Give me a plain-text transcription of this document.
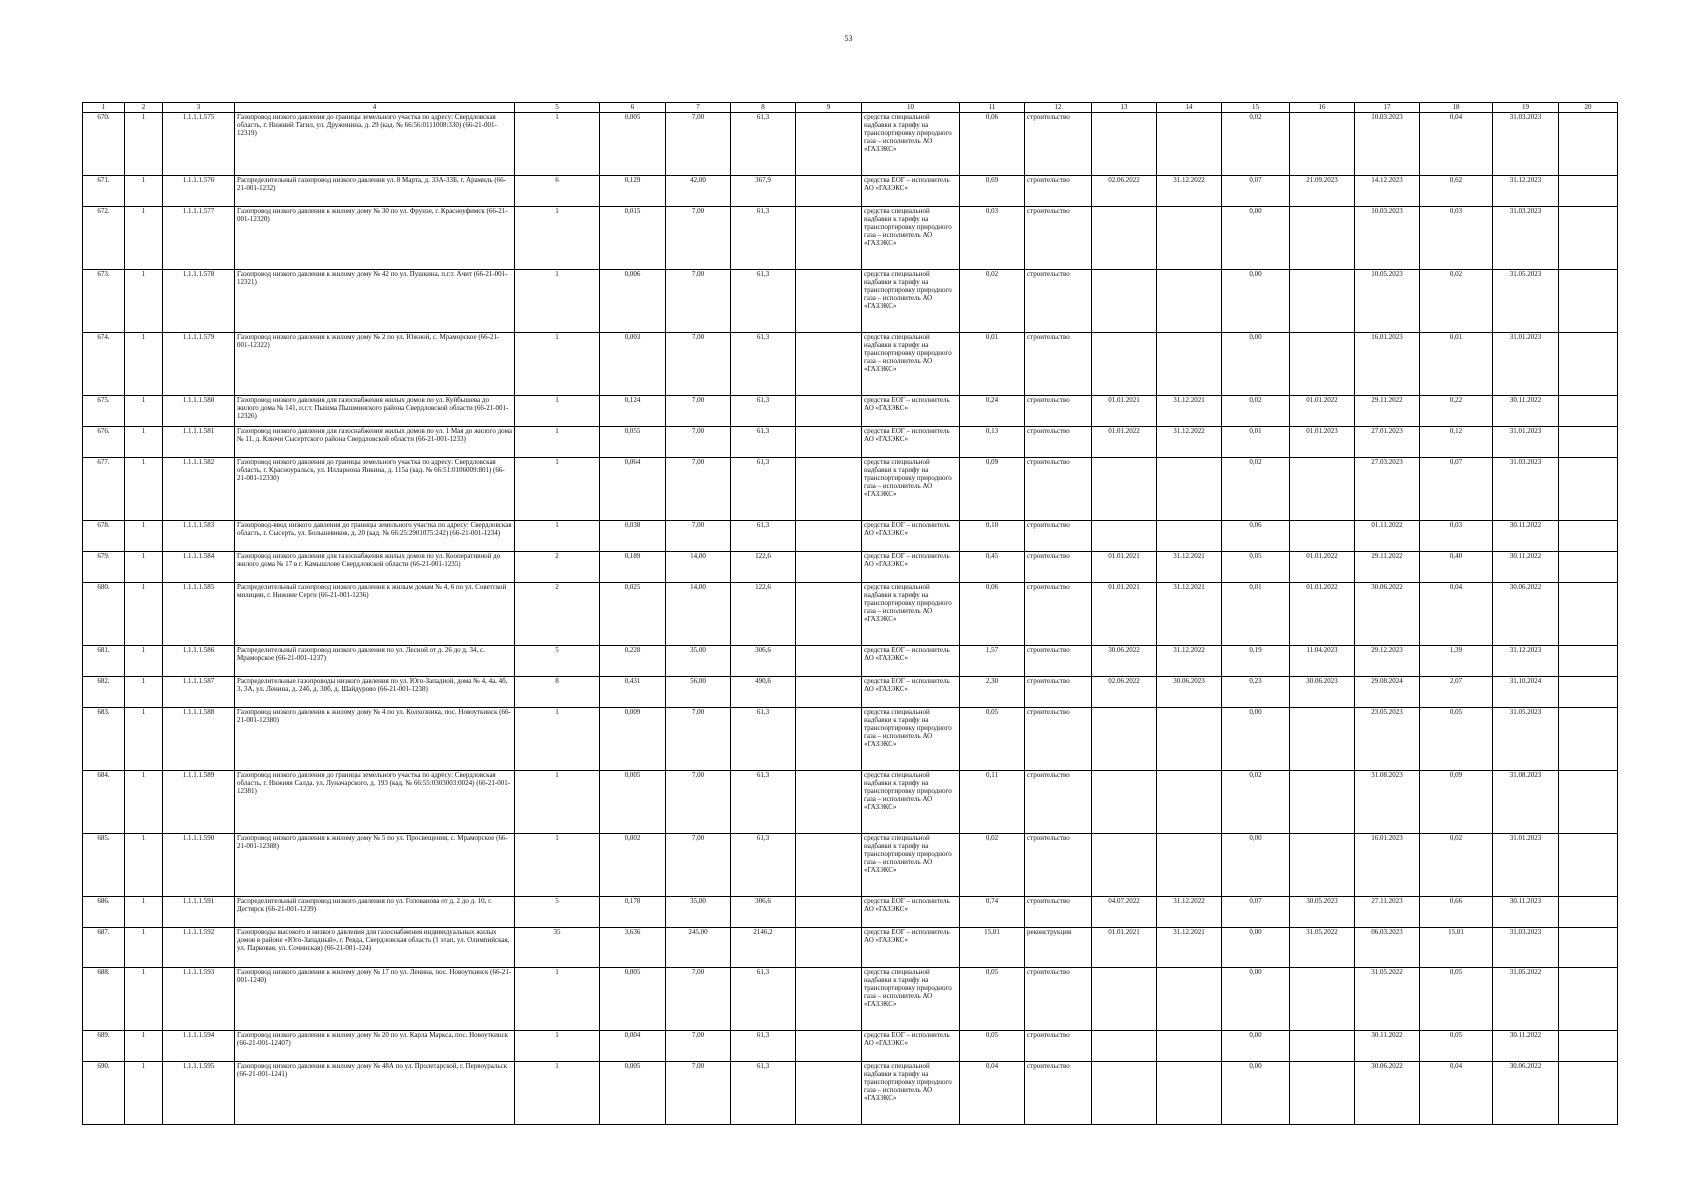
53
1	2	3	4	5	6	7	8	9	10	11	12	13	14	15	16	17	18	19	20
670.	1	1.1.1.1.575	Газопровод низкого давления до границы земельного участка по адресу: Свердловская область, г. Нижний Тагил, ул. Дружинина, д. 29 (кад. № 66:56:0111008:330) (66-21-001-12319)	1	0,005	7,00	61,3		средства специальной надбавки к тарифу на транспортировку природного газа – исполнитель АО «ГАЗЭКС»	0,06	строительство			0,02		10.03.2023	0,04	31.03.2023	
671.	1	1.1.1.1.576	Распределительный газопровод низкого давления ул. 8 Марта, д. 33А-33Б, г. Арамиль (66-21-001-1232)	6	0,129	42,00	367,9		средства ЕОГ – исполнитель АО «ГАЗЭКС»	0,69	строительство	02.06.2022	31.12.2022	0,07	21.09.2023	14.12.2023	0,62	31.12.2023	
672.	1	1.1.1.1.577	Газопровод низкого давления к жилому дому № 30 по ул. Фрунзе, г. Красноуфимск (66-21-001-12320)	1	0,015	7,00	61,3		средства специальной надбавки к тарифу на транспортировку природного газа – исполнитель АО «ГАЗЭКС»	0,03	строительство			0,00		10.03.2023	0,03	31.03.2023	
673.	1	1.1.1.1.578	Газопровод низкого давления к жилому дому № 42 по ул. Пушкина, п.г.т. Ачит (66-21-001-12321)	1	0,006	7,00	61,3		средства специальной надбавки к тарифу на транспортировку природного газа – исполнитель АО «ГАЗЭКС»	0,02	строительство			0,00		10.05.2023	0,02	31.05.2023	
674.	1	1.1.1.1.579	Газопровод низкого давления к жилому дому № 2 по ул. Южной, с. Мраморское (66-21-001-12322)	1	0,003	7,00	61,3		средства специальной надбавки к тарифу на транспортировку природного газа – исполнитель АО «ГАЗЭКС»	0,01	строительство			0,00		16.01.2023	0,01	31.01.2023	
675.	1	1.1.1.1.580	Газопровод низкого давления для газоснабжения жилых домов по ул. Куйбышева до жилого дома № 141, п.г.т. Пышма Пышминского района Свердловской области (66-21-001-12326)	1	0,124	7,00	61,3		средства ЕОГ – исполнитель АО «ГАЗЭКС»	0,24	строительство	01.01.2021	31.12.2021	0,02	01.01.2022	29.11.2022	0,22	30.11.2022	
676.	1	1.1.1.1.581	Газопровод низкого давления для газоснабжения жилых домов по ул. 1 Мая до жилого дома № 11, д. Ключи Сысертского района Свердловской области (66-21-001-1233)	1	0,055	7,00	61,3		средства ЕОГ – исполнитель АО «ГАЗЭКС»	0,13	строительство	01.01.2022	31.12.2022	0,01	01.01.2023	27.01.2023	0,12	31.01.2023	
677.	1	1.1.1.1.582	Газопровод низкого давления до границы земельного участка по адресу: Свердловская область, г. Красноуральск, ул. Илларнона Янкина, д. 115а (кад. № 66:51:0106009:801) (66-21-001-12330)	1	0,064	7,00	61,3		средства специальной надбавки к тарифу на транспортировку природного газа – исполнитель АО «ГАЗЭКС»	0,09	строительство			0,02		27.03.2023	0,07	31.03.2023	
678.	1	1.1.1.1.583	Газопровод-ввод низкого давления до границы земельного участка по адресу: Свердловская область, г. Сысерть, ул. Большевиков, д. 20 (кад. № 66:25:2901075:242) (66-21-001-1234)	1	0,038	7,00	61,3		средства ЕОГ – исполнитель АО «ГАЗЭКС»	0,10	строительство			0,06		01.11.2022	0,03	30.11.2022	
679.	1	1.1.1.1.584	Газопровод низкого давления для газоснабжения жилых домов по ул. Кооперативной до жилого дома № 17 в г. Камышлове Свердловской области (66-21-001-1235)	2	0,189	14,00	122,6		средства ЕОГ – исполнитель АО «ГАЗЭКС»	0,45	строительство	01.01.2021	31.12.2021	0,05	01.01.2022	29.11.2022	0,40	30.11.2022	
680.	1	1.1.1.1.585	Распределительный газопровод низкого давления к жилым домам № 4, 6 по ул. Советской милиции, г. Нижние Серги (66-21-001-1236)	2	0,025	14,00	122,6		средства специальной надбавки к тарифу на транспортировку природного газа – исполнитель АО «ГАЗЭКС»	0,06	строительство	01.01.2021	31.12.2021	0,01	01.01.2022	30.06.2022	0,04	30.06.2022	
681.	1	1.1.1.1.586	Распределительный газопровод низкого давления по ул. Лесной от д. 26 до д. 34, с. Мраморское (66-21-001-1237)	5	0,228	35,00	306,6		средства ЕОГ – исполнитель АО «ГАЗЭКС»	1,57	строительство	30.06.2022	31.12.2022	0,19	11.04.2023	29.12.2023	1,39	31.12.2023	
682.	1	1.1.1.1.587	Распределительные газопроводы низкого давления по ул. Юго-Западной, дома № 4, 4а, 4б, 3, 3А, ул. Ленина, д. 24б, д. 30б, д. Шайдурово (66-21-001-1238)	8	0,431	56,00	490,6		средства ЕОГ – исполнитель АО «ГАЗЭКС»	2,30	строительство	02.06.2022	30.06.2023	0,23	30.06.2023	29.08.2024	2,07	31.10.2024	
683.	1	1.1.1.1.588	Газопровод низкого давления к жилому дому № 4 по ул. Колхозника, пос. Новоуткинск (66-21-001-12380)	1	0,009	7,00	61,3		средства специальной надбавки к тарифу на транспортировку природного газа – исполнитель АО «ГАЗЭКС»	0,05	строительство			0,00		23.05.2023	0,05	31.05.2023	
684.	1	1.1.1.1.589	Газопровод низкого давления до границы земельного участка по адресу: Свердловская область, г. Нижняя Салда, ул. Луначарского, д. 193 (кад. № 66:55:0303003:0024) (66-21-001-12381)	1	0,005	7,00	61,3		средства специальной надбавки к тарифу на транспортировку природного газа – исполнитель АО «ГАЗЭКС»	0,11	строительство			0,02		31.08.2023	0,09	31.08.2023	
685.	1	1.1.1.1.590	Газопровод низкого давления к жилому дому № 5 по ул. Просвещения, с. Мраморское (66-21-001-12388)	1	0,002	7,00	61,3		средства специальной надбавки к тарифу на транспортировку природного газа – исполнитель АО «ГАЗЭКС»	0,02	строительство			0,00		16.01.2023	0,02	31.01.2023	
686.	1	1.1.1.1.591	Распределительный газопровод низкого давления по ул. Голованова от д. 2 до д. 10, г. Дегтярск (66-21-001-1239)	5	0,178	35,00	306,6		средства ЕОГ – исполнитель АО «ГАЗЭКС»	0,74	строительство	04.07.2022	31.12.2022	0,07	30.05.2023	27.11.2023	0,66	30.11.2023	
687.	1	1.1.1.1.592	Газопроводы высокого и низкого давления для газоснабжения индивидуальных жилых домов в районе «Юго-Западный», г. Ревда, Свердловская область (1 этап, ул. Олимпийская, ул. Парковая, ул. Сочинская) (66-21-001-124)	35	3,636	245,00	2146,2		средства ЕОГ – исполнитель АО «ГАЗЭКС»	15,01	реконструкция	01.01.2021	31.12.2021	0,00	31.05.2022	06.03.2023	15,01	31.03.2023	
688.	1	1.1.1.1.593	Газопровод низкого давления к жилому дому № 17 по ул. Ленина, пос. Новоуткинск (66-21-001-1240)	1	0,005	7,00	61,3		средства специальной надбавки к тарифу на транспортировку природного газа – исполнитель АО «ГАЗЭКС»	0,05	строительство			0,00		31.05.2022	0,05	31.05.2022	
689.	1	1.1.1.1.594	Газопровод низкого давления к жилому дому № 20 по ул. Карла Маркса, пос. Новоуткинск (66-21-001-12407)	1	0,004	7,00	61,3		средства ЕОГ – исполнитель АО «ГАЗЭКС»	0,05	строительство			0,00		30.11.2022	0,05	30.11.2022	
690.	1	1.1.1.1.595	Газопровод низкого давления к жилому дому № 48А по ул. Пролетарской, г. Первоуральск (66-21-001-1241)	1	0,005	7,00	61,3		средства специальной надбавки к тарифу на транспортировку природного газа – исполнитель АО «ГАЗЭКС»	0,04	строительство			0,00		30.06.2022	0,04	30.06.2022	
